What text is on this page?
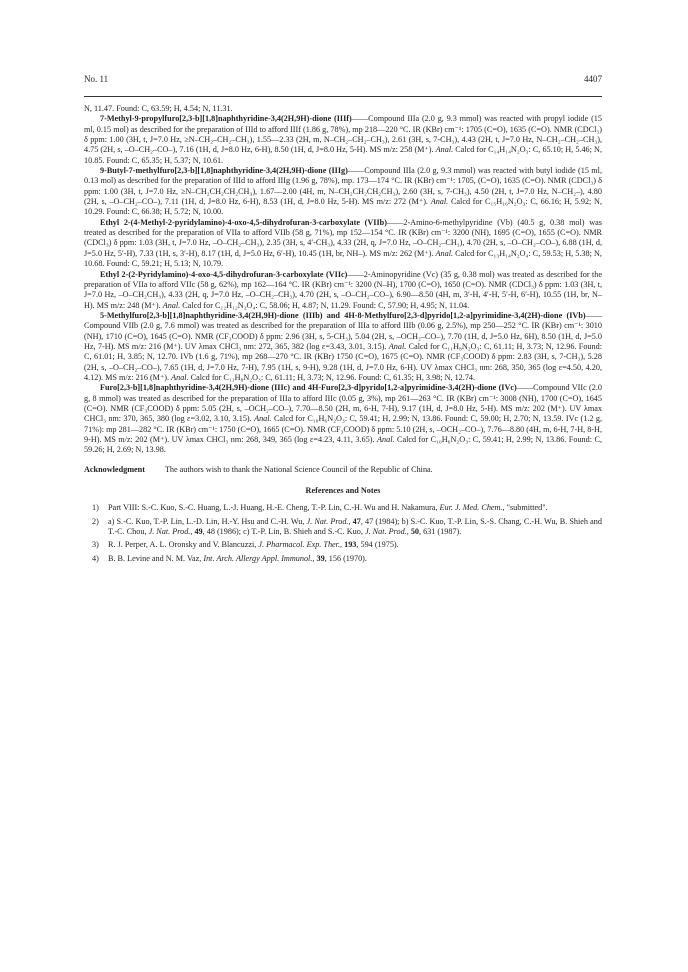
No. 11	4407

N, 11.47. Found: C, 63.59; H, 4.54; N, 11.31.

7-Methyl-9-propylfuro[2,3-b][1,8]naphthyridine-3,4(2H,9H)-dione (IIIf)——Compound IIIa (2.0 g, 9.3 mmol) was reacted with propyl iodide (15 ml, 0.15 mol) as described for the preparation of IIId to afford IIIf (1.86 g, 78%), mp 218—220 °C. IR (KBr) cm⁻¹: 1705 (C=O), 1635 (C=O). NMR (CDCl₃) δ ppm: 1.00 (3H, t, J=7.0 Hz, ≥N–CH₂–CH₂–CH₃), 1.55—2.33 (2H, m, N–CH₂–CH₂–CH₃), 2.61 (3H, s, 7-CH₃), 4.43 (2H, t, J=7.0 Hz, N–CH₂–CH₂–CH₃), 4.75 (2H, s, –O–CH₂–CO–), 7.16 (1H, d, J=8.0 Hz, 6-H), 8.50 (1H, d, J=8.0 Hz, 5-H). MS m/z: 258 (M⁺). Anal. Calcd for C₁₄H₁₄N₂O₃: C, 65.10; H, 5.46; N, 10.85. Found: C, 65.35; H, 5.37; N, 10.61.

9-Butyl-7-methylfuro[2,3-b][1,8]naphthyridine-3,4(2H,9H)-dione (IIIg)——Compound IIIa (2.0 g, 9.3 mmol) was reacted with butyl iodide (15 ml, 0.13 mol) as described for the preparation of IIId to afford IIIg (1.96 g, 78%), mp. 173—174 °C. IR (KBr) cm⁻¹: 1705, (C=O), 1635 (C=O). NMR (CDCl₃) δ ppm: 1.00 (3H, t, J=7.0 Hz, ≥N–CH₂CH₂CH₂CH₃), 1.67—2.00 (4H, m, N–CH₂CH₂CH₂CH₃), 2.60 (3H, s, 7-CH₃), 4.50 (2H, t, J=7.0 Hz, N–CH₂–), 4.80 (2H, s, –O–CH₂–CO–), 7.11 (1H, d, J=8.0 Hz, 6-H), 8.53 (1H, d, J=8.0 Hz, 5-H). MS m/z: 272 (M⁺). Anal. Calcd for C₁₅H₁₆N₂O₃: C, 66.16; H, 5.92; N, 10.29. Found: C, 66.38; H, 5.72; N, 10.00.

Ethyl 2-(4-Methyl-2-pyridylamino)-4-oxo-4,5-dihydrofuran-3-carboxylate (VIIb)——2-Amino-6-methylpyridine (Vb) (40.5 g, 0.38 mol) was treated as described for the preparation of VIIa to afford VIIb (58 g, 71%), mp 152—154 °C. IR (KBr) cm⁻¹: 3200 (NH), 1695 (C=O), 1655 (C=O). NMR (CDCl₃) δ ppm: 1.03 (3H, t, J=7.0 Hz, –O–CH₂–CH₃), 2.35 (3H, s, 4′-CH₃), 4.33 (2H, q, J=7.0 Hz, –O–CH₂–CH₃), 4.70 (2H, s, –O–CH₂–CO–), 6.88 (1H, d, J=5.0 Hz, 5′-H), 7.33 (1H, s, 3′-H), 8.17 (1H, d, J=5.0 Hz, 6′-H), 10.45 (1H, br, NH–). MS m/z: 262 (M⁺). Anal. Calcd for C₁₃H₁₄N₂O₄: C, 59.53; H, 5.38; N, 10.68. Found: C, 59.21; H, 5.13; N, 10.79.

Ethyl 2-(2-Pyridylamino)-4-oxo-4,5-dihydrofuran-3-carboxylate (VIIc)——2-Aminopyridine (Vc) (35 g, 0.38 mol) was treated as described for the preparation of VIIa to afford VIIc (58 g, 62%), mp 162—164 °C. IR (KBr) cm⁻¹: 3200 (N–H), 1700 (C=O), 1650 (C=O). NMR (CDCl₃) δ ppm: 1.03 (3H, t, J=7.0 Hz, –O–CH₂CH₃), 4.33 (2H, q, J=7.0 Hz, –O–CH₂–CH₃), 4.70 (2H, s, –O–CH₂–CO–), 6.90—8.50 (4H, m, 3′-H, 4′-H, 5′-H, 6′-H), 10.55 (1H, br, N–H). MS m/z: 248 (M⁺). Anal. Calcd for C₁₂H₁₂N₂O₄: C, 58.06; H, 4.87; N, 11.29. Found: C, 57.90; H, 4.95; N, 11.04.

5-Methylfuro[2,3-b][1,8]naphthyridine-3,4(2H,9H)-dione (IIIb) and 4H-8-Methylfuro[2,3-d]pyrido[1,2-a]pyrimidine-3,4(2H)-dione (IVb)——Compound VIIb (2.0 g, 7.6 mmol) was treated as described for the preparation of IIIa to afford IIIb (0.06 g, 2.5%), mp 250—252 °C. IR (KBr) cm⁻¹: 3010 (NH), 1710 (C=O), 1645 (C=O). NMR (CF₃COOD) δ ppm: 2.96 (3H, s, 5-CH₃), 5.04 (2H, s, –OCH₂–CO–), 7.70 (1H, d, J=5.0 Hz, 6H), 8.50 (1H, d, J=5.0 Hz, 7-H). MS m/z: 216 (M⁺). UV λmax CHCl₃ nm: 272, 365, 382 (log ε=3.43, 3.01, 3.15). Anal. Calcd for C₁₁H₈N₂O₃: C, 61.11; H, 3.73; N, 12.96. Found: C, 61.01; H, 3.85; N, 12.70. IVb (1.6 g, 71%), mp 268—270 °C. IR (KBr) 1750 (C=O), 1675 (C=O). NMR (CF₃COOD) δ ppm: 2.83 (3H, s, 7-CH₃), 5.28 (2H, s, –O–CH₂–CO–), 7.65 (1H, d, J=7.0 Hz, 7-H), 7.95 (1H, s, 9-H), 9.28 (1H, d, J=7.0 Hz, 6-H). UV λmax CHCl₃ nm: 268, 350, 365 (log ε=4.50, 4.20, 4.12). MS m/z: 216 (M⁺). Anal. Calcd for C₁₁H₈N₂O₃: C, 61.11; H, 3.73; N, 12.96. Found: C, 61.35; H, 3.98; N, 12.74.

Furo[2,3-b][1,8]naphthyridine-3,4(2H,9H)-dione (IIIc) and 4H-Furo[2,3-d]pyrido[1,2-a]pyrimidine-3,4(2H)-dione (IVc)——Compound VIIc (2.0 g, 8 mmol) was treated as described for the preparation of IIIa to afford IIIc (0.05 g, 3%), mp 261—263 °C. IR (KBr) cm⁻¹: 3008 (NH), 1700 (C=O), 1645 (C=O). NMR (CF₃COOD) δ ppm: 5.05 (2H, s, –OCH₂–CO–), 7.70—8.50 (2H, m, 6-H, 7-H), 9.17 (1H, d, J=8.0 Hz, 5-H). MS m/z: 202 (M⁺). UV λmax CHCl₃ nm: 370, 365, 380 (log ε=3.02, 3.10, 3.15). Anal. Calcd for C₁₀H₆N₂O₃: C, 59.41; H, 2.99; N, 13.86. Found: C, 59.00; H, 2.70; N, 13.59. IVc (1.2 g, 71%): mp 281—282 °C. IR (KBr) cm⁻¹: 1750 (C=O), 1665 (C=O). NMR (CF₃COOD) δ ppm: 5.10 (2H, s, –OCH₂–CO–), 7.76—8.80 (4H, m, 6-H, 7-H, 8-H, 9-H). MS m/z: 202 (M⁺). UV λmax CHCl₃ nm: 268, 349, 365 (log ε=4.23, 4.11, 3.65). Anal. Calcd for C₁₀H₆N₂O₃: C, 59.41; H, 2.99; N, 13.86. Found: C, 59.26; H, 2.69; N, 13.98.

Acknowledgment The authors wish to thank the National Science Council of the Republic of China.

References and Notes

1) Part VIII: S.-C. Kuo, S.-C. Huang, L.-J. Huang, H.-E. Cheng, T.-P. Lin, C.-H. Wu and H. Nakamura, Eur. J. Med. Chem., "submitted".

2) a) S.-C. Kuo, T.-P. Lin, L.-D. Lin, H.-Y. Hsu and C.-H. Wu, J. Nat. Prod., 47, 47 (1984); b) S.-C. Kuo, T.-P. Lin, S.-S. Chang, C.-H. Wu, B. Shieh and T.-C. Chou, J. Nat. Prod., 49, 48 (1986); c) T.-P. Lin, B. Shieh and S.-C. Kuo, J. Nat. Prod., 50, 631 (1987).

3) R. J. Perper, A. L. Oronsky and V. Blancuzzi, J. Pharmacol. Exp. Ther., 193, 594 (1975).

4) B. B. Levine and N. M. Vaz, Int. Arch. Allergy Appl. Immunol., 39, 156 (1970).
